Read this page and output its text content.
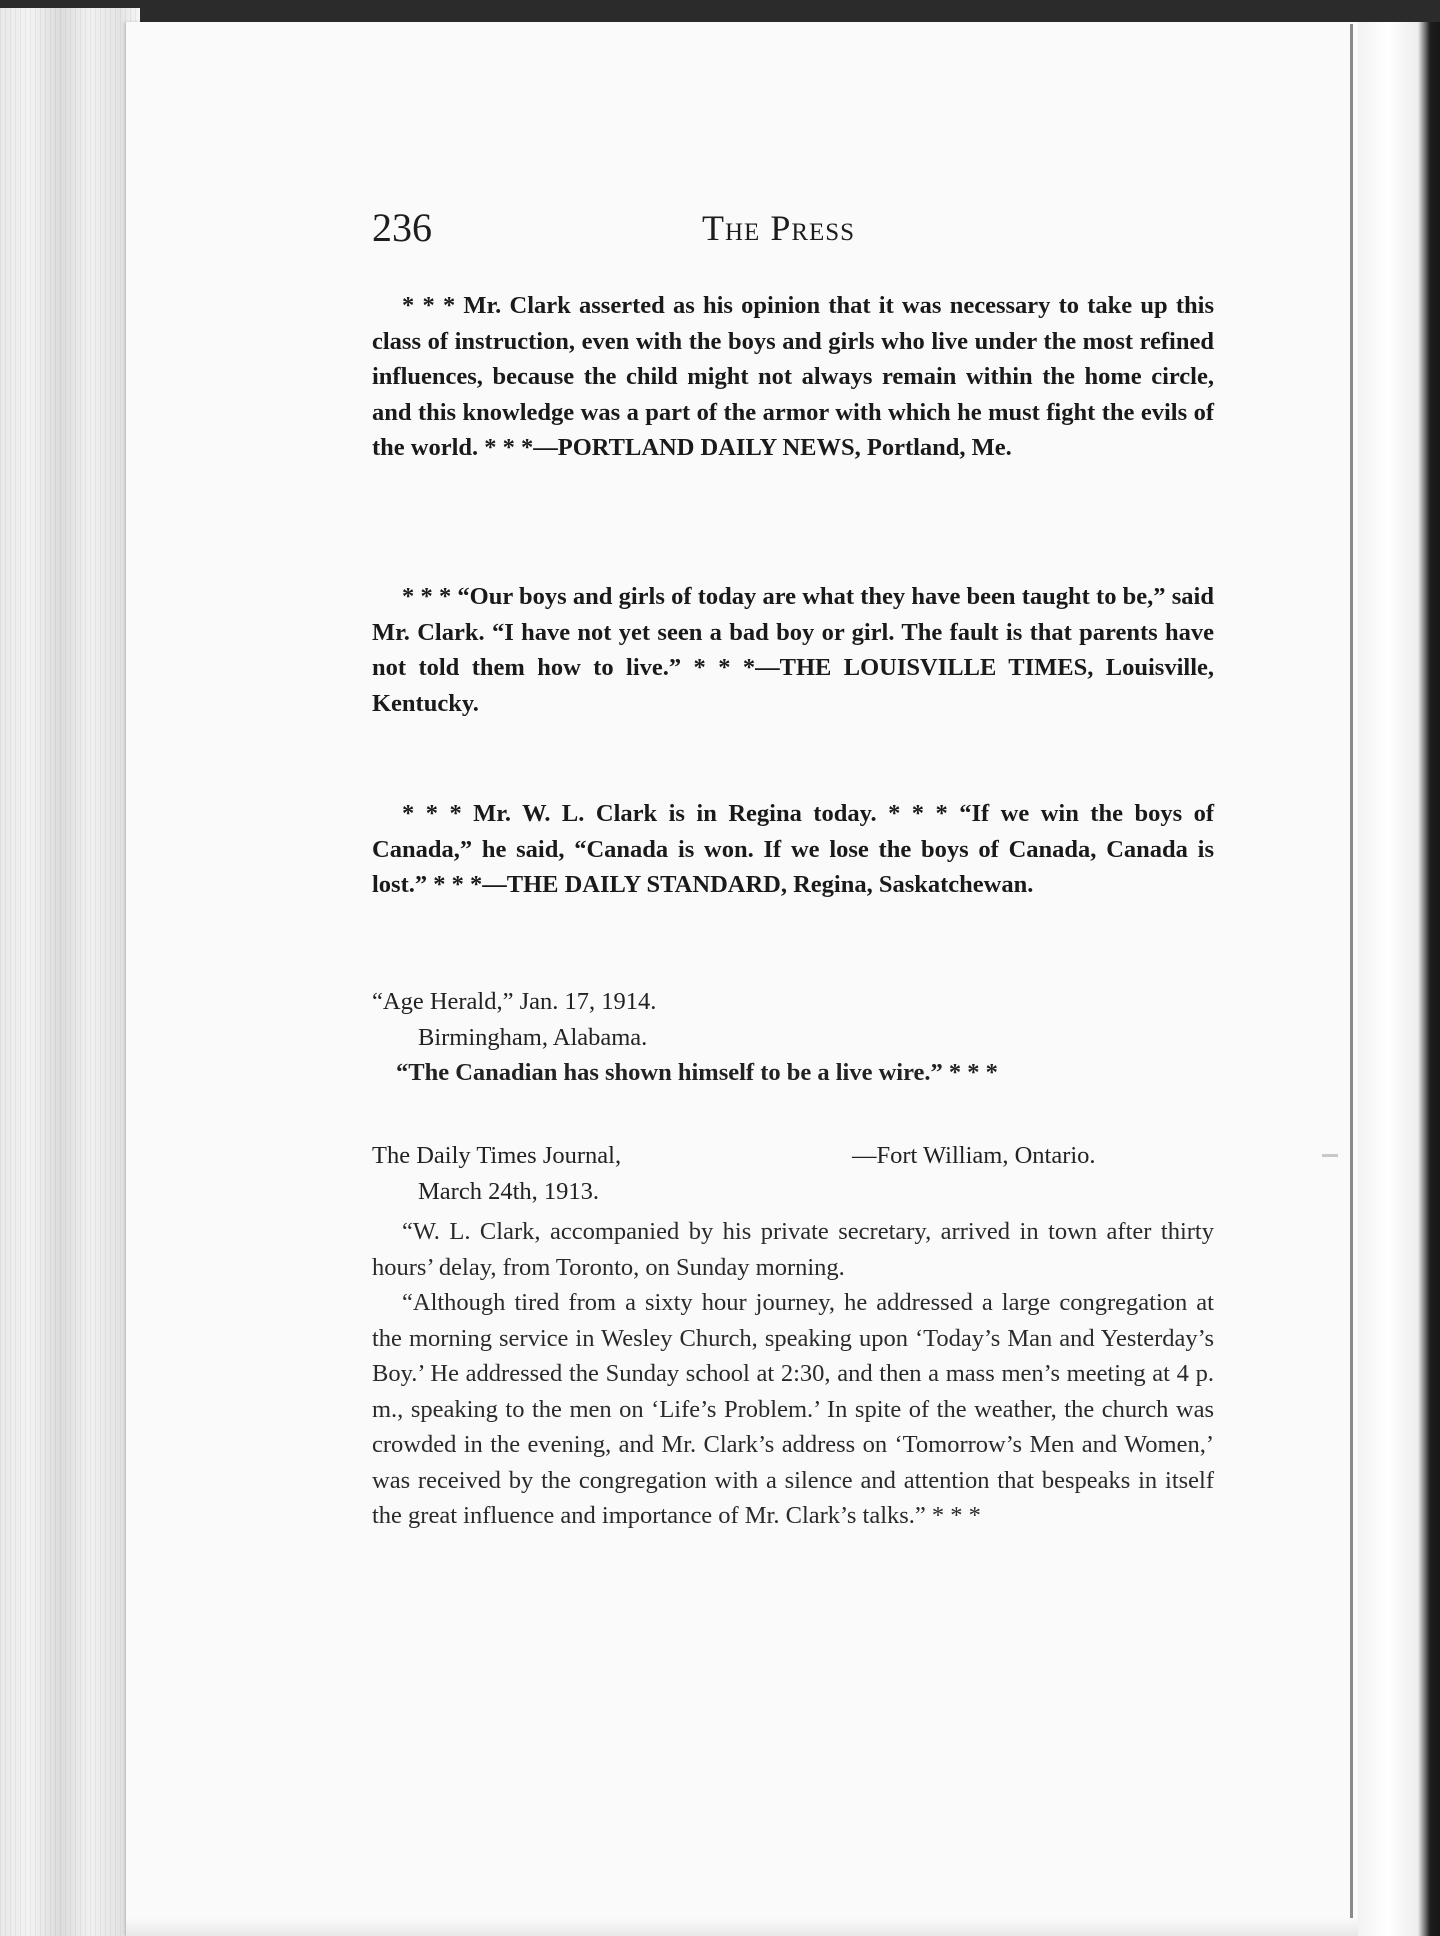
236	The Press

* * * Mr. Clark asserted as his opinion that it was necessary to take up this class of instruction, even with the boys and girls who live under the most refined influences, because the child might not always remain within the home circle, and this knowledge was a part of the armor with which he must fight the evils of the world. * * *—PORTLAND DAILY NEWS, Portland, Me.

* * * “Our boys and girls of today are what they have been taught to be,” said Mr. Clark. “I have not yet seen a bad boy or girl. The fault is that parents have not told them how to live.” * * *—THE LOUISVILLE TIMES, Louisville, Kentucky.

* * * Mr. W. L. Clark is in Regina today. * * * “If we win the boys of Canada,” he said, “Canada is won. If we lose the boys of Canada, Canada is lost.” * * *—THE DAILY STANDARD, Regina, Saskatchewan.

“Age Herald,” Jan. 17, 1914.
Birmingham, Alabama.
“The Canadian has shown himself to be a live wire.” * * *
The Daily Times Journal,	—Fort William, Ontario.
March 24th, 1913.

“W. L. Clark, accompanied by his private secretary, arrived in town after thirty hours’ delay, from Toronto, on Sunday morning.

“Although tired from a sixty hour journey, he addressed a large congregation at the morning service in Wesley Church, speaking upon ‘Today’s Man and Yesterday’s Boy.’ He addressed the Sunday school at 2:30, and then a mass men’s meeting at 4 p. m., speaking to the men on ‘Life’s Problem.’ In spite of the weather, the church was crowded in the evening, and Mr. Clark’s address on ‘Tomorrow’s Men and Women,’ was received by the congregation with a silence and attention that bespeaks in itself the great influence and importance of Mr. Clark’s talks.” * * *
